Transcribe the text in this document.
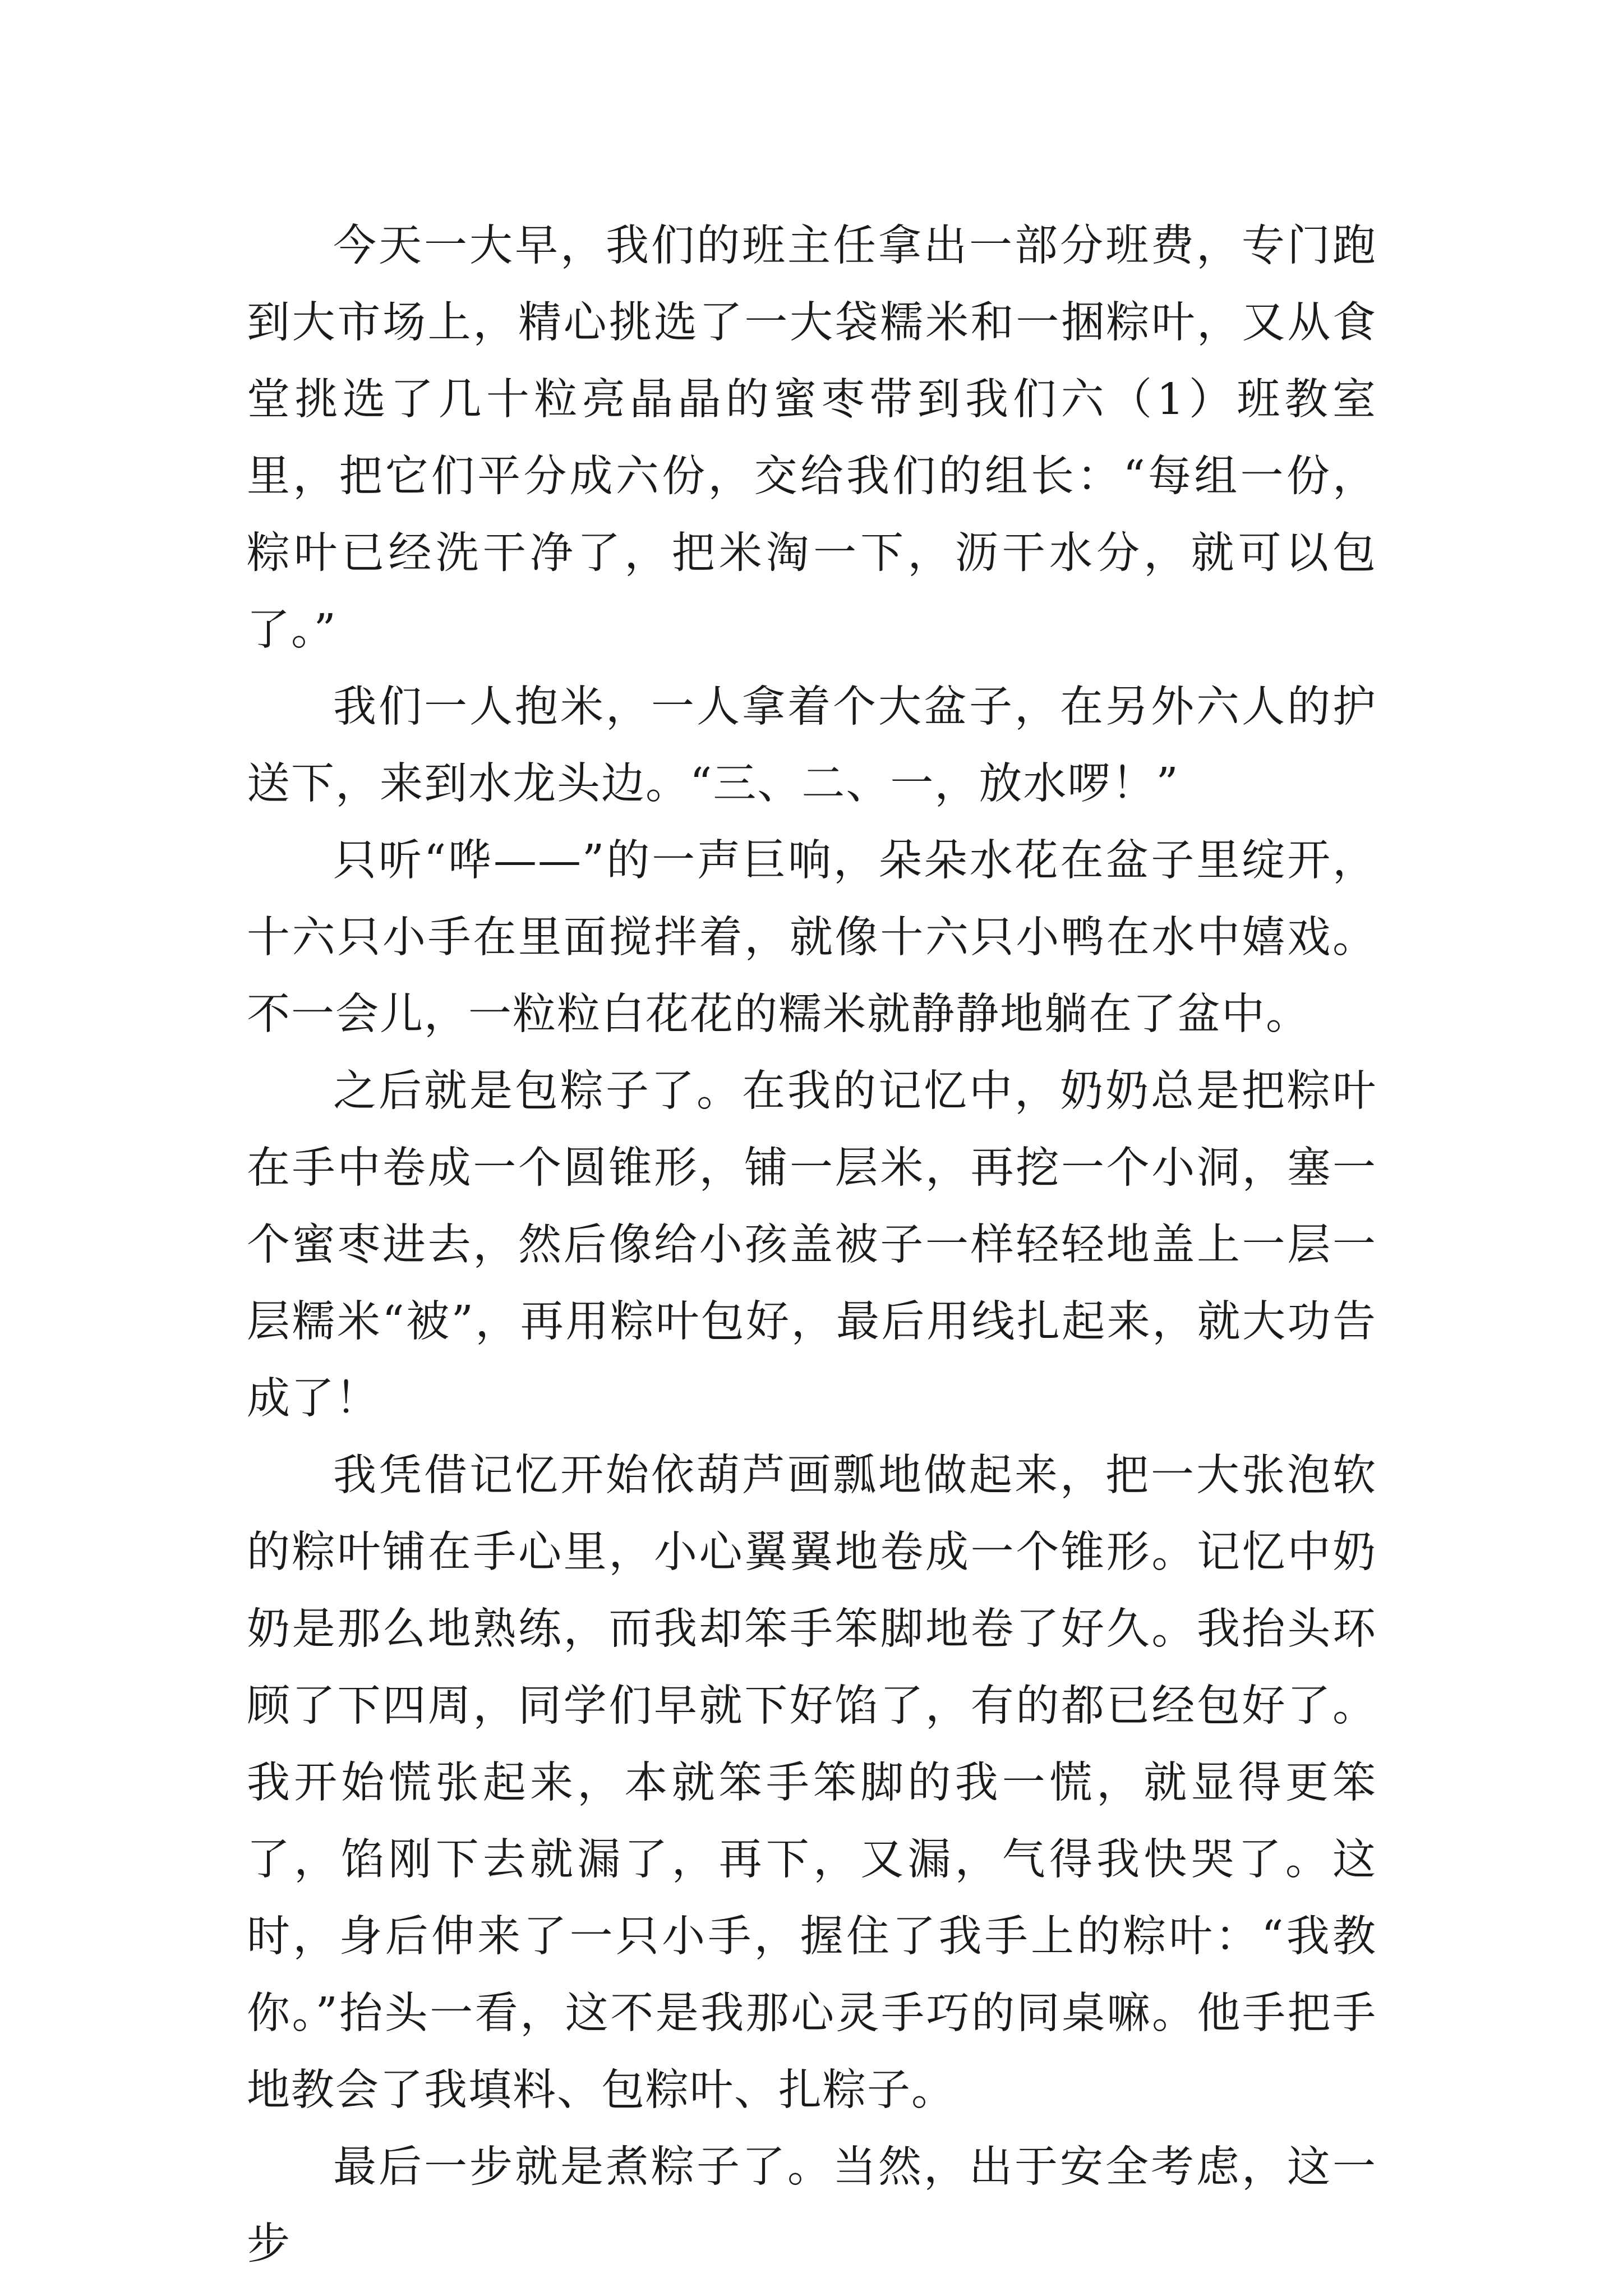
今天一大早，我们的班主任拿出一部分班费，专门跑到大市场上，精心挑选了一大袋糯米和一捆粽叶，又从食堂挑选了几十粒亮晶晶的蜜枣带到我们六（1）班教室里，把它们平分成六份，交给我们的组长：“每组一份，粽叶已经洗干净了，把米淘一下，沥干水分，就可以包了。”

我们一人抱米，一人拿着个大盆子，在另外六人的护送下，来到水龙头边。“三、二、一，放水啰！”

只听“哗——”的一声巨响，朵朵水花在盆子里绽开，十六只小手在里面搅拌着，就像十六只小鸭在水中嬉戏。不一会儿，一粒粒白花花的糯米就静静地躺在了盆中。

之后就是包粽子了。在我的记忆中，奶奶总是把粽叶在手中卷成一个圆锥形，铺一层米，再挖一个小洞，塞一个蜜枣进去，然后像给小孩盖被子一样轻轻地盖上一层一层糯米“被”，再用粽叶包好，最后用线扎起来，就大功告成了！

我凭借记忆开始依葫芦画瓢地做起来，把一大张泡软的粽叶铺在手心里，小心翼翼地卷成一个锥形。记忆中奶奶是那么地熟练，而我却笨手笨脚地卷了好久。我抬头环顾了下四周，同学们早就下好馅了，有的都已经包好了。我开始慌张起来，本就笨手笨脚的我一慌，就显得更笨了，馅刚下去就漏了，再下，又漏，气得我快哭了。这时，身后伸来了一只小手，握住了我手上的粽叶：“我教你。”抬头一看，这不是我那心灵手巧的同桌嘛。他手把手地教会了我填料、包粽叶、扎粽子。

最后一步就是煮粽子了。当然，出于安全考虑，这一步
